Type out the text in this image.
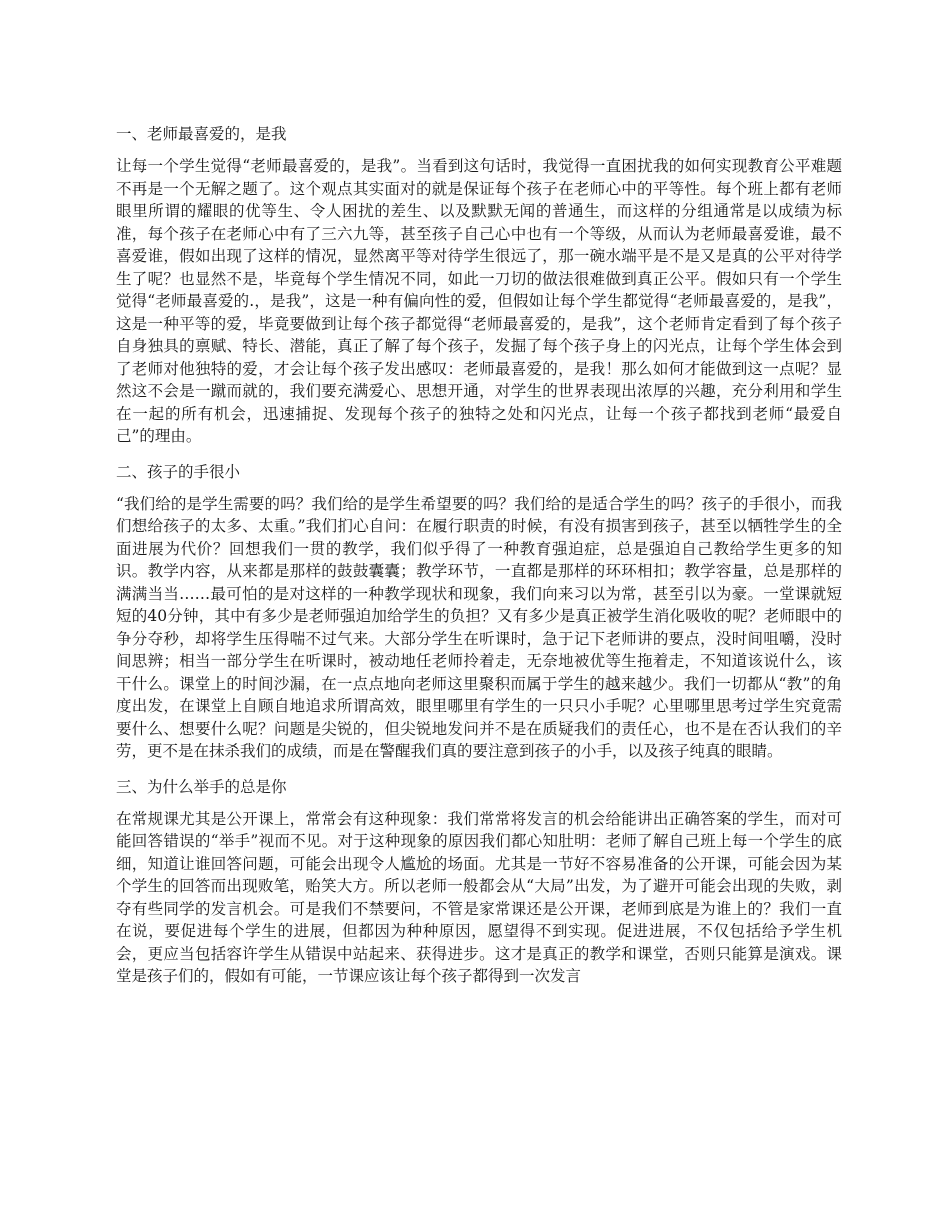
一、老师最喜爱的，是我

让每一个学生觉得“老师最喜爱的，是我”。当看到这句话时，我觉得一直困扰我的如何实现教育公平难题不再是一个无解之题了。这个观点其实面对的就是保证每个孩子在老师心中的平等性。每个班上都有老师眼里所谓的耀眼的优等生、令人困扰的差生、以及默默无闻的普通生，而这样的分组通常是以成绩为标准，每个孩子在老师心中有了三六九等，甚至孩子自己心中也有一个等级，从而认为老师最喜爱谁，最不喜爱谁，假如出现了这样的情况，显然离平等对待学生很远了，那一碗水端平是不是又是真的公平对待学生了呢？也显然不是，毕竟每个学生情况不同，如此一刀切的做法很难做到真正公平。假如只有一个学生觉得“老师最喜爱的.，是我”，这是一种有偏向性的爱，但假如让每个学生都觉得“老师最喜爱的，是我”，这是一种平等的爱，毕竟要做到让每个孩子都觉得“老师最喜爱的，是我”，这个老师肯定看到了每个孩子自身独具的禀赋、特长、潜能，真正了解了每个孩子，发掘了每个孩子身上的闪光点，让每个学生体会到了老师对他独特的爱，才会让每个孩子发出感叹：老师最喜爱的，是我！那么如何才能做到这一点呢？显然这不会是一蹴而就的，我们要充满爱心、思想开通，对学生的世界表现出浓厚的兴趣，充分利用和学生在一起的所有机会，迅速捕捉、发现每个孩子的独特之处和闪光点，让每一个孩子都找到老师“最爱自己”的理由。

二、孩子的手很小

“我们给的是学生需要的吗？我们给的是学生希望要的吗？我们给的是适合学生的吗？孩子的手很小，而我们想给孩子的太多、太重。”我们扪心自问：在履行职责的时候，有没有损害到孩子，甚至以牺牲学生的全面进展为代价？回想我们一贯的教学，我们似乎得了一种教育强迫症，总是强迫自己教给学生更多的知识。教学内容，从来都是那样的鼓鼓囊囊；教学环节，一直都是那样的环环相扣；教学容量，总是那样的满满当当……最可怕的是对这样的一种教学现状和现象，我们向来习以为常，甚至引以为豪。一堂课就短短的40分钟，其中有多少是老师强迫加给学生的负担？又有多少是真正被学生消化吸收的呢？老师眼中的争分夺秒，却将学生压得喘不过气来。大部分学生在听课时，急于记下老师讲的要点，没时间咀嚼，没时间思辨；相当一部分学生在听课时，被动地任老师拎着走，无奈地被优等生拖着走，不知道该说什么，该干什么。课堂上的时间沙漏，在一点点地向老师这里聚积而属于学生的越来越少。我们一切都从“教”的角度出发，在课堂上自顾自地追求所谓高效，眼里哪里有学生的一只只小手呢？心里哪里思考过学生究竟需要什么、想要什么呢？问题是尖锐的，但尖锐地发问并不是在质疑我们的责任心，也不是在否认我们的辛劳，更不是在抹杀我们的成绩，而是在警醒我们真的要注意到孩子的小手，以及孩子纯真的眼睛。

三、为什么举手的总是你

在常规课尤其是公开课上，常常会有这种现象：我们常常将发言的机会给能讲出正确答案的学生，而对可能回答错误的“举手”视而不见。对于这种现象的原因我们都心知肚明：老师了解自己班上每一个学生的底细，知道让谁回答问题，可能会出现令人尴尬的场面。尤其是一节好不容易准备的公开课，可能会因为某个学生的回答而出现败笔，贻笑大方。所以老师一般都会从“大局”出发，为了避开可能会出现的失败，剥夺有些同学的发言机会。可是我们不禁要问，不管是家常课还是公开课，老师到底是为谁上的？我们一直在说，要促进每个学生的进展，但都因为种种原因，愿望得不到实现。促进进展，不仅包括给予学生机会，更应当包括容许学生从错误中站起来、获得进步。这才是真正的教学和课堂，否则只能算是演戏。课堂是孩子们的，假如有可能，一节课应该让每个孩子都得到一次发言
